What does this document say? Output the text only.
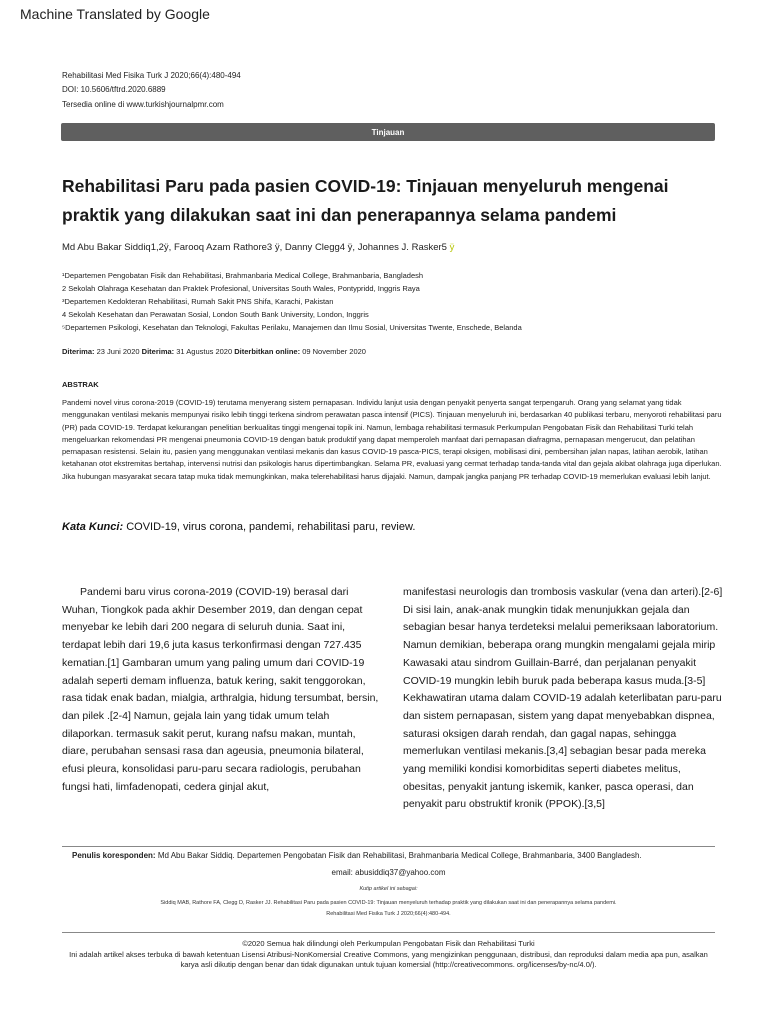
Machine Translated by Google
Rehabilitasi Med Fisika Turk J 2020;66(4):480-494
DOI: 10.5606/tftrd.2020.6889
Tersedia online di www.turkishjournalpmr.com
Tinjauan
Rehabilitasi Paru pada pasien COVID-19: Tinjauan menyeluruh mengenai praktik yang dilakukan saat ini dan penerapannya selama pandemi
Md Abu Bakar Siddiq1,2ÿ, Farooq Azam Rathore3 ÿ, Danny Clegg4 ÿ, Johannes J. Rasker5 ÿ
¹Departemen Pengobatan Fisik dan Rehabilitasi, Brahmanbaria Medical College, Brahmanbaria, Bangladesh
2 Sekolah Olahraga Kesehatan dan Praktek Profesional, Universitas South Wales, Pontypridd, Inggris Raya
³Departemen Kedokteran Rehabilitasi, Rumah Sakit PNS Shifa, Karachi, Pakistan
4 Sekolah Kesehatan dan Perawatan Sosial, London South Bank University, London, Inggris
⁵Departemen Psikologi, Kesehatan dan Teknologi, Fakultas Perilaku, Manajemen dan Ilmu Sosial, Universitas Twente, Enschede, Belanda
Diterima: 23 Juni 2020 Diterima: 31 Agustus 2020 Diterbitkan online: 09 November 2020
ABSTRAK
Pandemi novel virus corona-2019 (COVID-19) terutama menyerang sistem pernapasan. Individu lanjut usia dengan penyakit penyerta sangat terpengaruh. Orang yang selamat yang tidak menggunakan ventilasi mekanis mempunyai risiko lebih tinggi terkena sindrom perawatan pasca intensif (PICS). Tinjauan menyeluruh ini, berdasarkan 40 publikasi terbaru, menyoroti rehabilitasi paru (PR) pada COVID-19. Terdapat kekurangan penelitian berkualitas tinggi mengenai topik ini. Namun, lembaga rehabilitasi termasuk Perkumpulan Pengobatan Fisik dan Rehabilitasi Turki telah mengeluarkan rekomendasi PR mengenai pneumonia COVID-19 dengan batuk produktif yang dapat memperoleh manfaat dari pernapasan diafragma, pernapasan mengerucut, dan pelatihan pernapasan resistensi. Selain itu, pasien yang menggunakan ventilasi mekanis dan kasus COVID-19 pasca-PICS, terapi oksigen, mobilisasi dini, pembersihan jalan napas, latihan aerobik, latihan ketahanan otot ekstremitas bertahap, intervensi nutrisi dan psikologis harus dipertimbangkan. Selama PR, evaluasi yang cermat terhadap tanda-tanda vital dan gejala akibat olahraga juga diperlukan. Jika hubungan masyarakat secara tatap muka tidak memungkinkan, maka telerehabilitasi harus dijajaki. Namun, dampak jangka panjang PR terhadap COVID-19 memerlukan evaluasi lebih lanjut.
Kata Kunci: COVID-19, virus corona, pandemi, rehabilitasi paru, review.
Pandemi baru virus corona-2019 (COVID-19) berasal dari Wuhan, Tiongkok pada akhir Desember 2019, dan dengan cepat menyebar ke lebih dari 200 negara di seluruh dunia. Saat ini, terdapat lebih dari 19,6 juta kasus terkonfirmasi dengan 727.435 kematian.[1] Gambaran umum yang paling umum dari COVID-19 adalah seperti demam influenza, batuk kering, sakit tenggorokan, rasa tidak enak badan, mialgia, arthralgia, hidung tersumbat, bersin, dan pilek .[2-4] Namun, gejala lain yang tidak umum telah dilaporkan. termasuk sakit perut, kurang nafsu makan, muntah, diare, perubahan sensasi rasa dan ageusia, pneumonia bilateral, efusi pleura, konsolidasi paru-paru secara radiologis, perubahan fungsi hati, limfadenopati, cedera ginjal akut,
manifestasi neurologis dan trombosis vaskular (vena dan arteri).[2-6] Di sisi lain, anak-anak mungkin tidak menunjukkan gejala dan sebagian besar hanya terdeteksi melalui pemeriksaan laboratorium. Namun demikian, beberapa orang mungkin mengalami gejala mirip Kawasaki atau sindrom Guillain-Barré, dan perjalanan penyakit COVID-19 mungkin lebih buruk pada beberapa kasus muda.[3-5] Kekhawatiran utama dalam COVID-19 adalah keterlibatan paru-paru dan sistem pernapasan, sistem yang dapat menyebabkan dispnea, saturasi oksigen darah rendah, dan gagal napas, sehingga memerlukan ventilasi mekanis.[3,4] sebagian besar pada mereka yang memiliki kondisi komorbiditas seperti diabetes melitus, obesitas, penyakit jantung iskemik, kanker, pasca operasi, dan penyakit paru obstruktif kronik (PPOK).[3,5]
Penulis koresponden: Md Abu Bakar Siddiq. Departemen Pengobatan Fisik dan Rehabilitasi, Brahmanbaria Medical College, Brahmanbaria, 3400 Bangladesh.
email: abusiddiq37@yahoo.com
Kutip artikel ini sebagai:
Siddiq MAB, Rathore FA, Clegg D, Rasker JJ. Rehabilitasi Paru pada pasien COVID-19: Tinjauan menyeluruh terhadap praktik yang dilakukan saat ini dan penerapannya selama pandemi.
Rehabilitasi Med Fisika Turk J 2020;66(4):480-494.
©2020 Semua hak dilindungi oleh Perkumpulan Pengobatan Fisik dan Rehabilitasi Turki
Ini adalah artikel akses terbuka di bawah ketentuan Lisensi Atribusi-NonKomersial Creative Commons, yang mengizinkan penggunaan, distribusi, dan reproduksi dalam media apa pun, asalkan
karya asli dikutip dengan benar dan tidak digunakan untuk tujuan komersial (http://creativecommons. org/licenses/by-nc/4.0/).
